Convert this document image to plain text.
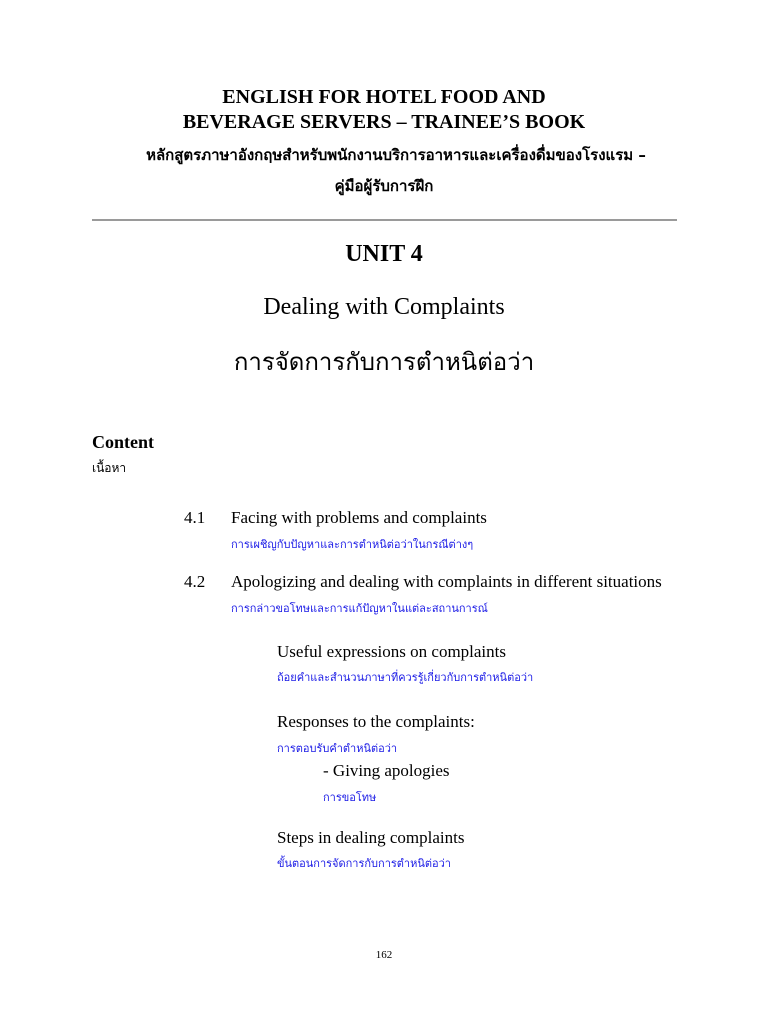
ENGLISH FOR HOTEL FOOD AND
BEVERAGE SERVERS – TRAINEE’S BOOK
หลักสูตรภาษาอังกฤษสำหรับพนักงานบริการอาหารและเครื่องดื่มของโรงแรม –
คู่มือผู้รับการฝึก
UNIT 4
Dealing with Complaints
การจัดการกับการตำหนิต่อว่า
Content
เนื้อหา
4.1 Facing with problems and complaints
การเผชิญกับปัญหาและการตำหนิต่อว่าในกรณีต่างๆ
4.2 Apologizing and dealing with complaints in different situations
การกล่าวขอโทษและการแก้ปัญหาในแต่ละสถานการณ์
Useful expressions on complaints
ถ้อยคำและสำนวนภาษาที่ควรรู้เกี่ยวกับการตำหนิต่อว่า
Responses to the complaints:
การตอบรับคำตำหนิต่อว่า
- Giving apologies
การขอโทษ
Steps in dealing complaints
ขั้นตอนการจัดการกับการตำหนิต่อว่า
162
